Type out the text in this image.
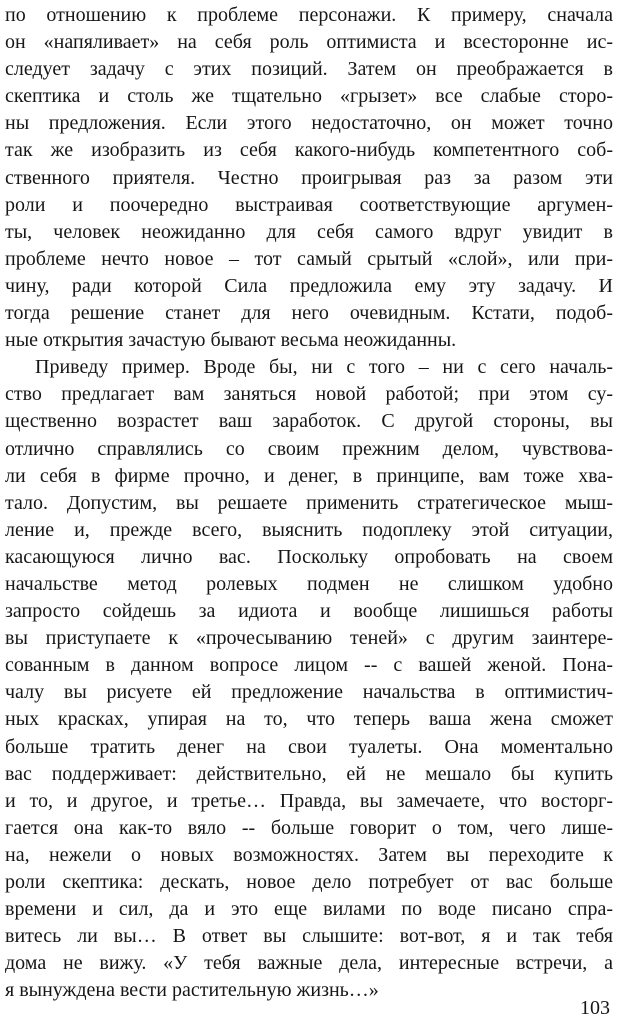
по отношению к проблеме персонажи. К примеру, сначала
он «напяливает» на себя роль оптимиста и всесторонне ис-
следует задачу с этих позиций. Затем он преображается в
скептика и столь же тщательно «грызет» все слабые сторо-
ны предложения. Если этого недостаточно, он может точно
так же изобразить из себя какого-нибудь компетентного соб-
ственного приятеля. Честно проигрывая раз за разом эти
роли и поочередно выстраивая соответствующие аргумен-
ты, человек неожиданно для себя самого вдруг увидит в
проблеме нечто новое – тот самый срытый «слой», или при-
чину, ради которой Сила предложила ему эту задачу. И
тогда решение станет для него очевидным. Кстати, подоб-
ные открытия зачастую бывают весьма неожиданны.
Приведу пример. Вроде бы, ни с того – ни с сего началь-
ство предлагает вам заняться новой работой; при этом су-
щественно возрастет ваш заработок. С другой стороны, вы
отлично справлялись со своим прежним делом, чувствова-
ли себя в фирме прочно, и денег, в принципе, вам тоже хва-
тало. Допустим, вы решаете применить стратегическое мыш-
ление и, прежде всего, выяснить подоплеку этой ситуации,
касающуюся лично вас. Поскольку опробовать на своем
начальстве метод ролевых подмен не слишком удобно
запросто сойдешь за идиота и вообще лишишься работы
вы приступаете к «прочесыванию теней» с другим заинтере-
сованным в данном вопросе лицом -- с вашей женой. Пона-
чалу вы рисуете ей предложение начальства в оптимистич-
ных красках, упирая на то, что теперь ваша жена сможет
больше тратить денег на свои туалеты. Она моментально
вас поддерживает: действительно, ей не мешало бы купить
и то, и другое, и третье… Правда, вы замечаете, что восторг-
гается она как-то вяло -- больше говорит о том, чего лише-
на, нежели о новых возможностях. Затем вы переходите к
роли скептика: дескать, новое дело потребует от вас больше
времени и сил, да и это еще вилами по воде писано спра-
витесь ли вы… В ответ вы слышите: вот-вот, я и так тебя
дома не вижу. «У тебя важные дела, интересные встречи, а
я вынуждена вести растительную жизнь…»
103
